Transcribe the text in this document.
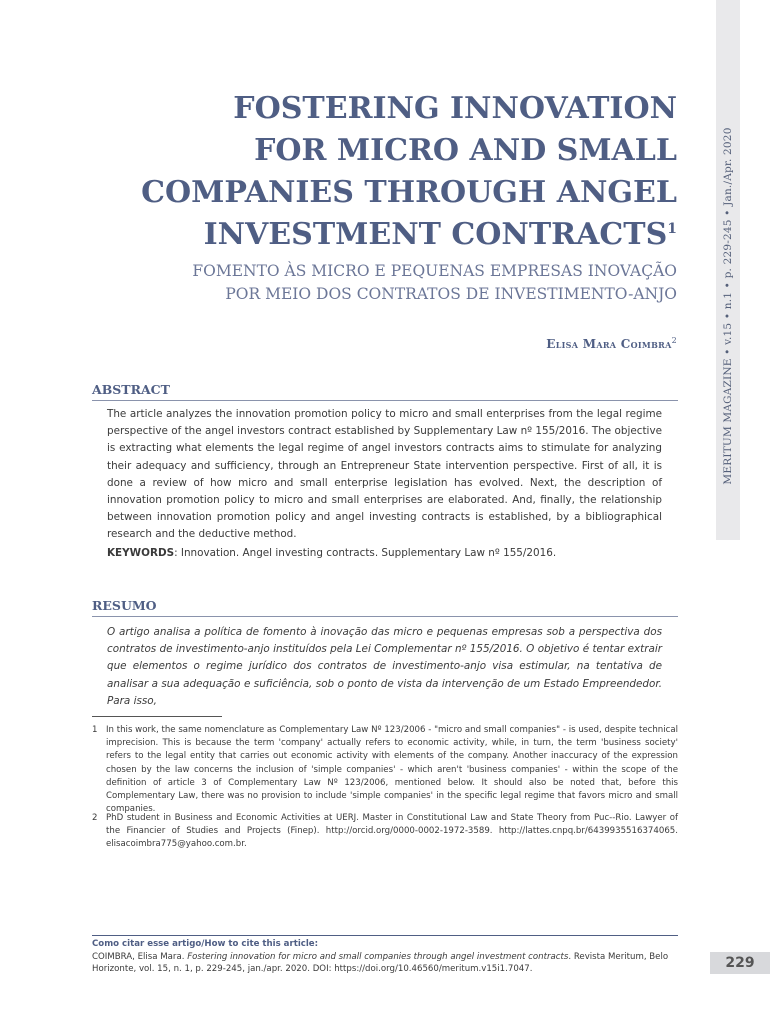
MERITUM MAGAZINE • v.15 • n.1 • p. 229-245 • Jan./Apr. 2020
FOSTERING INNOVATION
FOR MICRO AND SMALL
COMPANIES THROUGH ANGEL
INVESTMENT CONTRACTS$^1$
FOMENTO ÀS MICRO E PEQUENAS EMPRESAS INOVAÇÃO
POR MEIO DOS CONTRATOS DE INVESTIMENTO-ANJO
Elisa Mara Coimbra$^2$
ABSTRACT

The article analyzes the innovation promotion policy to micro and small enterprises from the legal regime perspective of the angel investors contract established by Supplementary Law nº 155/2016. The objective is extracting what elements the legal regime of angel investors contracts aims to stimulate for analyzing their adequacy and sufficiency, through an Entrepreneur State intervention perspective. First of all, it is done a review of how micro and small enterprise legislation has evolved. Next, the description of innovation promotion policy to micro and small enterprises are elaborated. And, finally, the relationship between innovation promotion policy and angel investing contracts is established, by a bibliographical research and the deductive method.

KEYWORDS: Innovation. Angel investing contracts. Supplementary Law nº 155/2016.

RESUMO

O artigo analisa a política de fomento à inovação das micro e pequenas empresas sob a perspectiva dos contratos de investimento-anjo instituídos pela Lei Complementar nº 155/2016. O objetivo é tentar extrair que elementos o regime jurídico dos contratos de investimento-anjo visa estimular, na tentativa de analisar a sua adequação e suficiência, sob o ponto de vista da intervenção de um Estado Empreendedor. Para isso,

1 In this work, the same nomenclature as Complementary Law Nº 123/2006 - "micro and small companies" - is used, despite technical imprecision. This is because the term 'company' actually refers to economic activity, while, in turn, the term 'business society' refers to the legal entity that carries out economic activity with elements of the company. Another inaccuracy of the expression chosen by the law concerns the inclusion of 'simple companies' - which aren't 'business companies' - within the scope of the definition of article 3 of Complementary Law Nº 123/2006, mentioned below. It should also be noted that, before this Complementary Law, there was no provision to include 'simple companies' in the specific legal regime that favors micro and small companies.

2 PhD student in Business and Economic Activities at UERJ. Master in Constitutional Law and State Theory from Puc--Rio. Lawyer of the Financier of Studies and Projects (Finep). http://orcid.org/0000-0002-1972-3589. http://lattes.cnpq.br/6439935516374065. elisacoimbra775@yahoo.com.br.

Como citar esse artigo/How to cite this article:
COIMBRA, Elisa Mara. Fostering innovation for micro and small companies through angel investment contracts. Revista Meritum, Belo Horizonte, vol. 15, n. 1, p. 229-245, jan./apr. 2020. DOI: https://doi.org/10.46560/meritum.v15i1.7047.	229
